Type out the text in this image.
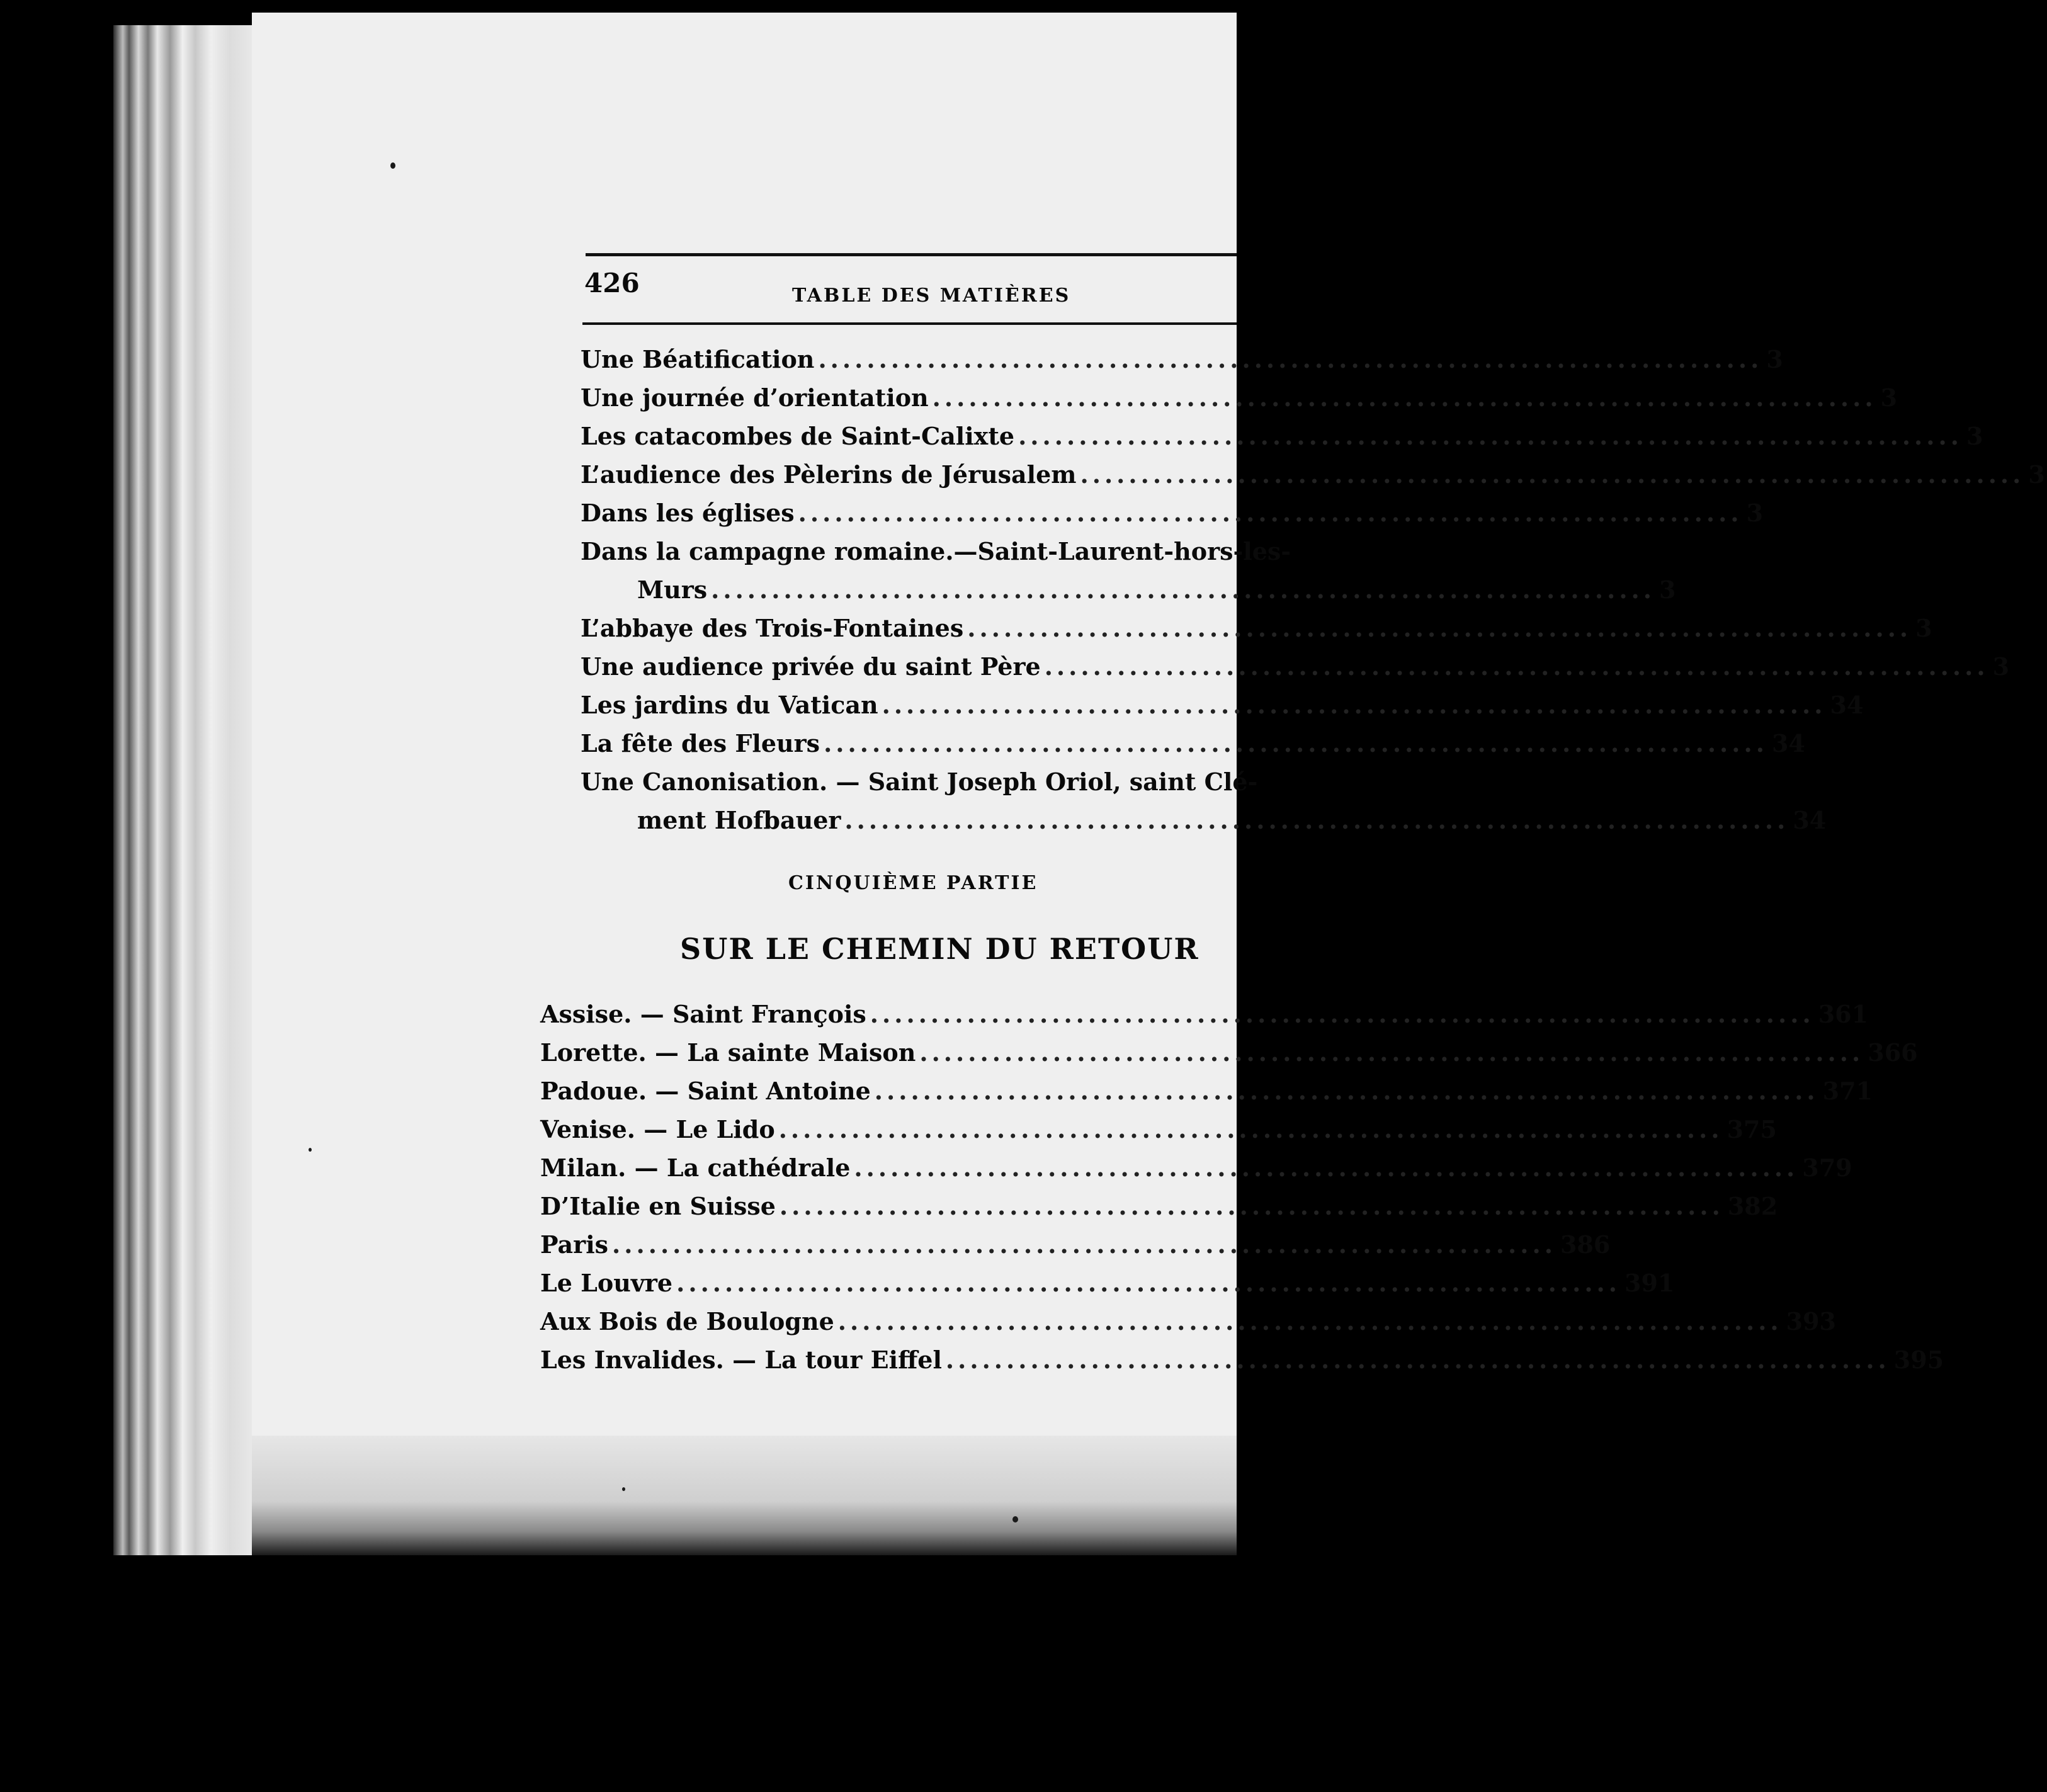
426	TABLE DES MATIÈRES
Une Béatification .............................................................................. 3
Une journée d’orientation .............................................................................. 3
Les catacombes de Saint-Calixte .............................................................................. 3
L’audience des Pèlerins de Jérusalem .............................................................................. 3
Dans les églises .............................................................................. 3
Dans la campagne romaine.—Saint-Laurent-hors-les-
Murs .............................................................................. 3
L’abbaye des Trois-Fontaines .............................................................................. 3
Une audience privée du saint Père .............................................................................. 3
Les jardins du Vatican .............................................................................. 34
La fête des Fleurs .............................................................................. 34
Une Canonisation. — Saint Joseph Oriol, saint Clé-
ment Hofbauer .............................................................................. 34
CINQUIÈME PARTIE
SUR LE CHEMIN DU RETOUR
Assise. — Saint François .............................................................................. 361
Lorette. — La sainte Maison .............................................................................. 366
Padoue. — Saint Antoine .............................................................................. 371
Venise. — Le Lido .............................................................................. 375
Milan. — La cathédrale .............................................................................. 379
D’Italie en Suisse .............................................................................. 382
Paris .............................................................................. 386
Le Louvre .............................................................................. 391
Aux Bois de Boulogne .............................................................................. 393
Les Invalides. — La tour Eiffel .............................................................................. 395
